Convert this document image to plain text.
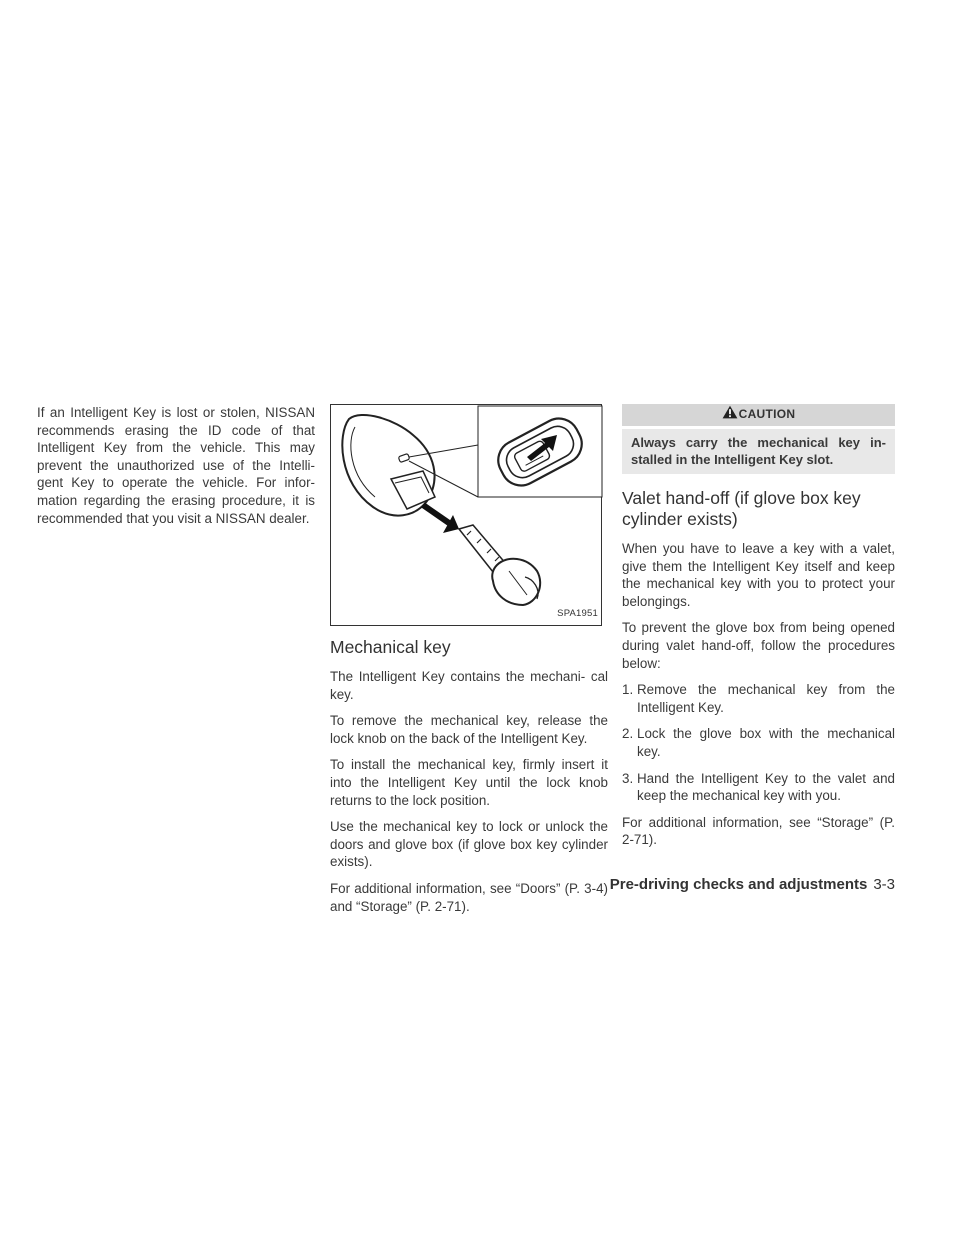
If an Intelligent Key is lost or stolen, NISSAN recommends erasing the ID code of that Intelligent Key from the vehicle. This may prevent the unauthorized use of the Intelli- gent Key to operate the vehicle. For infor- mation regarding the erasing procedure, it is recommended that you visit a NISSAN dealer.

SPA1951
Mechanical key

The Intelligent Key contains the mechani- cal key.

To remove the mechanical key, release the lock knob on the back of the Intelligent Key.

To install the mechanical key, firmly insert it into the Intelligent Key until the lock knob returns to the lock position.

Use the mechanical key to lock or unlock the doors and glove box (if glove box key cylinder exists).

For additional information, see “Doors” (P. 3-4) and “Storage” (P. 2-71).

CAUTION
Always carry the mechanical key in- stalled in the Intelligent Key slot.
Valet hand-off (if glove box key cylinder exists)

When you have to leave a key with a valet, give them the Intelligent Key itself and keep the mechanical key with you to protect your belongings.

To prevent the glove box from being opened during valet hand-off, follow the procedures below:

1. Remove the mechanical key from the Intelligent Key.
2. Lock the glove box with the mechanical key.
3. Hand the Intelligent Key to the valet and keep the mechanical key with you.

For additional information, see “Storage” (P. 2-71).

Pre-driving checks and adjustments 3-3
